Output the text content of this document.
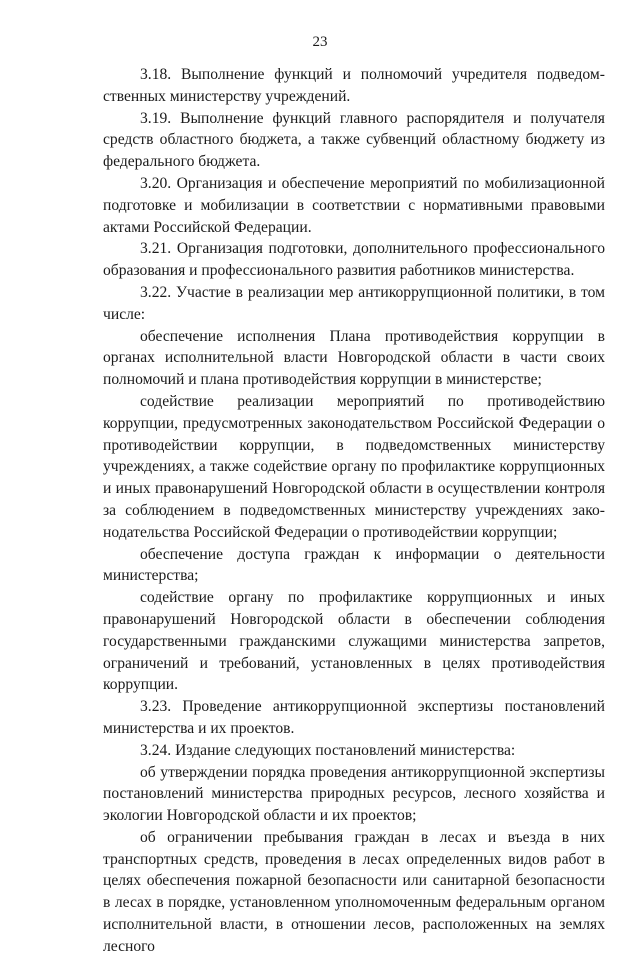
23

3.18. Выполнение функций и полномочий учредителя подведомственных министерству учреждений.

3.19. Выполнение функций главного распорядителя и получателя средств областного бюджета, а также субвенций областному бюджету из федерального бюджета.

3.20. Организация и обеспечение мероприятий по мобилизационной подготовке и мобилизации в соответствии с нормативными правовыми актами Российской Федерации.

3.21. Организация подготовки, дополнительного профессионального образования и профессионального развития работников министерства.

3.22. Участие в реализации мер антикоррупционной политики, в том числе:

обеспечение исполнения Плана противодействия коррупции в органах исполнительной власти Новгородской области в части своих полномочий и плана противодействия коррупции в министерстве;

содействие реализации мероприятий по противодействию коррупции, предусмотренных законодательством Российской Федерации о противодействии коррупции, в подведомственных министерству учреждениях, а также содействие органу по профилактике коррупционных и иных правонарушений Новгородской области в осуществлении контроля за соблюдением в подведомственных министерству учреждениях законодательства Российской Федерации о противодействии коррупции;

обеспечение доступа граждан к информации о деятельности министерства;

содействие органу по профилактике коррупционных и иных правонарушений Новгородской области в обеспечении соблюдения государственными гражданскими служащими министерства запретов, ограничений и требований, установленных в целях противодействия коррупции.

3.23. Проведение антикоррупционной экспертизы постановлений министерства и их проектов.

3.24. Издание следующих постановлений министерства:

об утверждении порядка проведения антикоррупционной экспертизы постановлений министерства природных ресурсов, лесного хозяйства и экологии Новгородской области и их проектов;

об ограничении пребывания граждан в лесах и въезда в них транспортных средств, проведения в лесах определенных видов работ в целях обеспечения пожарной безопасности или санитарной безопасности в лесах в порядке, установленном уполномоченным федеральным органом исполнительной власти, в отношении лесов, расположенных на землях лесного
